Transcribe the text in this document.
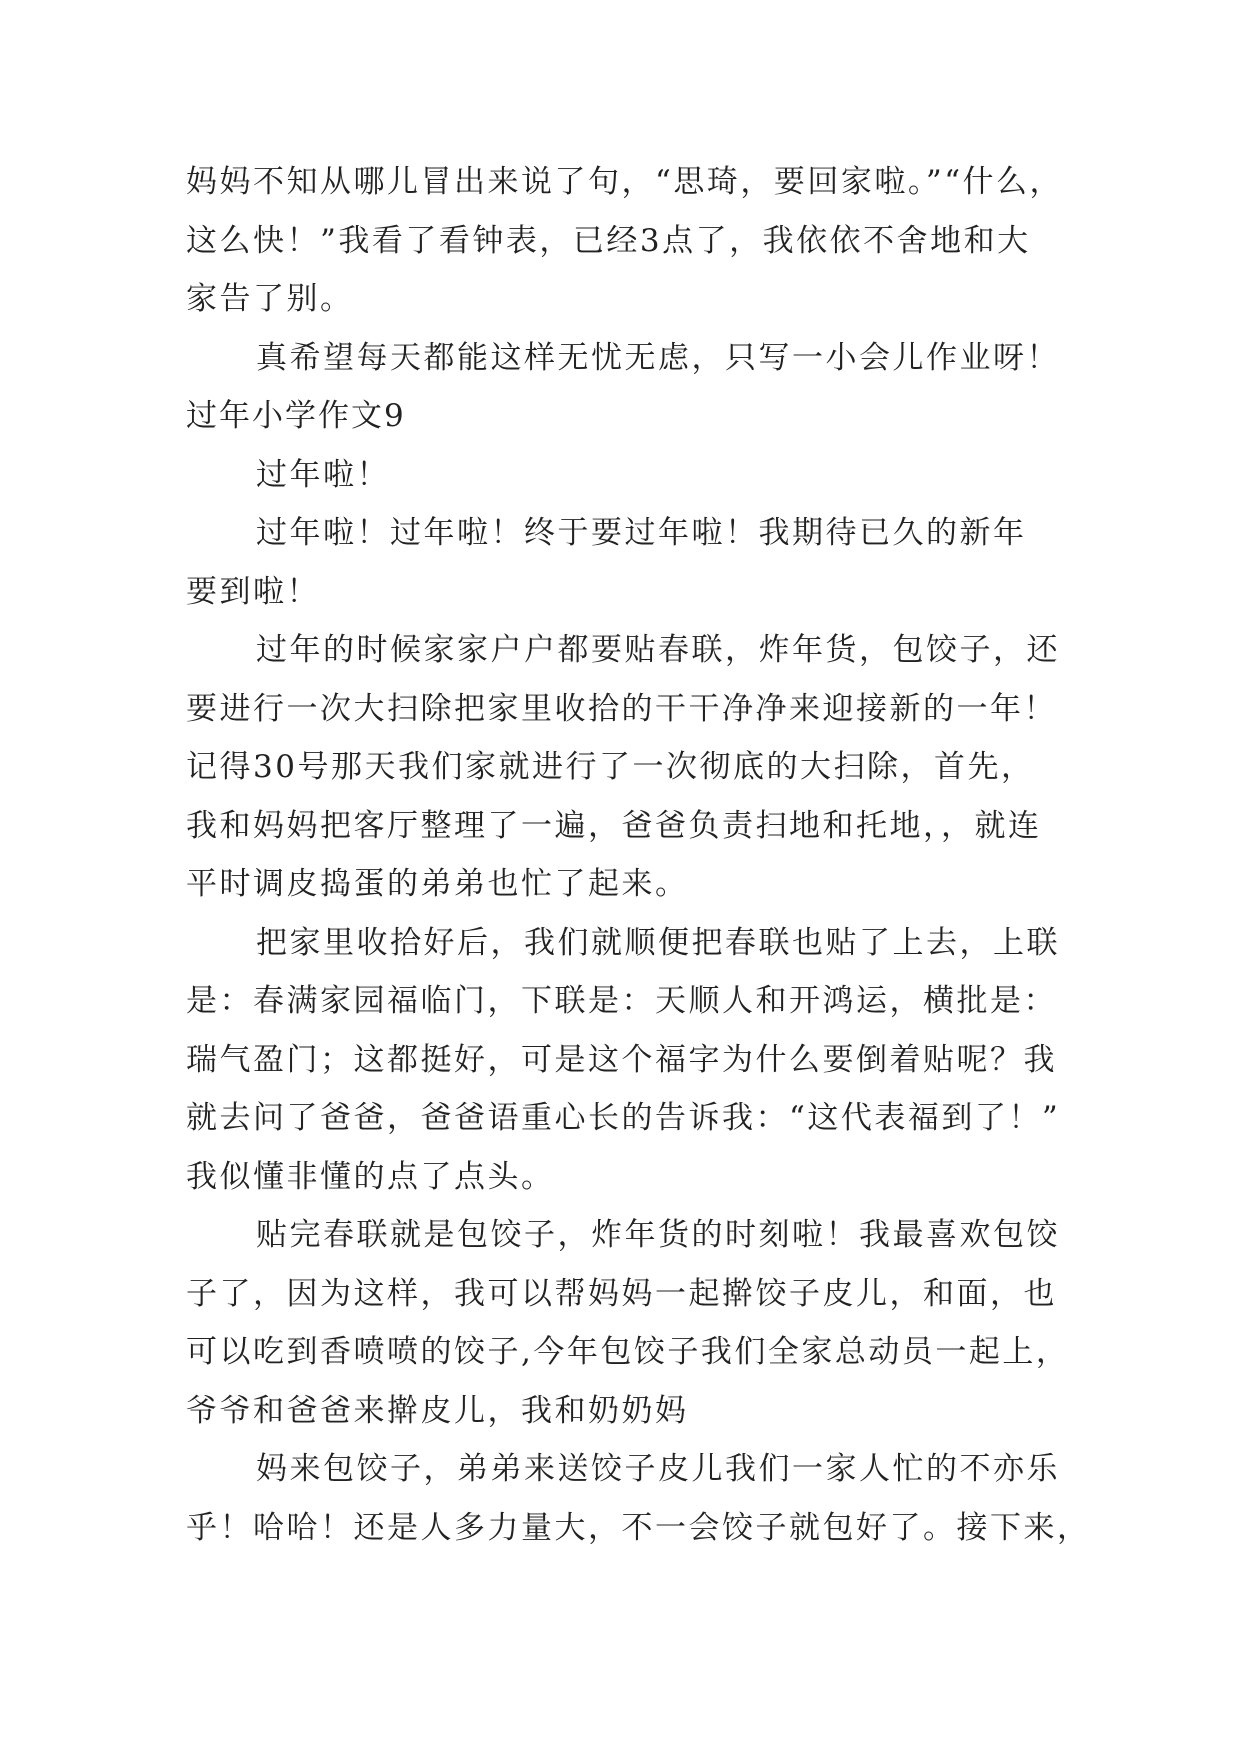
妈妈不知从哪儿冒出来说了句，“思琦，要回家啦。”“什么，
这么快！”我看了看钟表，已经3点了，我依依不舍地和大
家告了别。
真希望每天都能这样无忧无虑，只写一小会儿作业呀！
过年小学作文9
过年啦！
过年啦！过年啦！终于要过年啦！我期待已久的新年
要到啦！
过年的时候家家户户都要贴春联，炸年货，包饺子，还
要进行一次大扫除把家里收拾的干干净净来迎接新的一年！
记得30号那天我们家就进行了一次彻底的大扫除，首先，
我和妈妈把客厅整理了一遍，爸爸负责扫地和托地，，就连
平时调皮捣蛋的弟弟也忙了起来。
把家里收拾好后，我们就顺便把春联也贴了上去，上联
是：春满家园福临门，下联是：天顺人和开鸿运，横批是：
瑞气盈门；这都挺好，可是这个福字为什么要倒着贴呢？我
就去问了爸爸，爸爸语重心长的告诉我：“这代表福到了！”
我似懂非懂的点了点头。
贴完春联就是包饺子，炸年货的时刻啦！我最喜欢包饺
子了，因为这样，我可以帮妈妈一起擀饺子皮儿，和面，也
可以吃到香喷喷的饺子,今年包饺子我们全家总动员一起上，
爷爷和爸爸来擀皮儿，我和奶奶妈
妈来包饺子，弟弟来送饺子皮儿我们一家人忙的不亦乐
乎！哈哈！还是人多力量大，不一会饺子就包好了。接下来，
